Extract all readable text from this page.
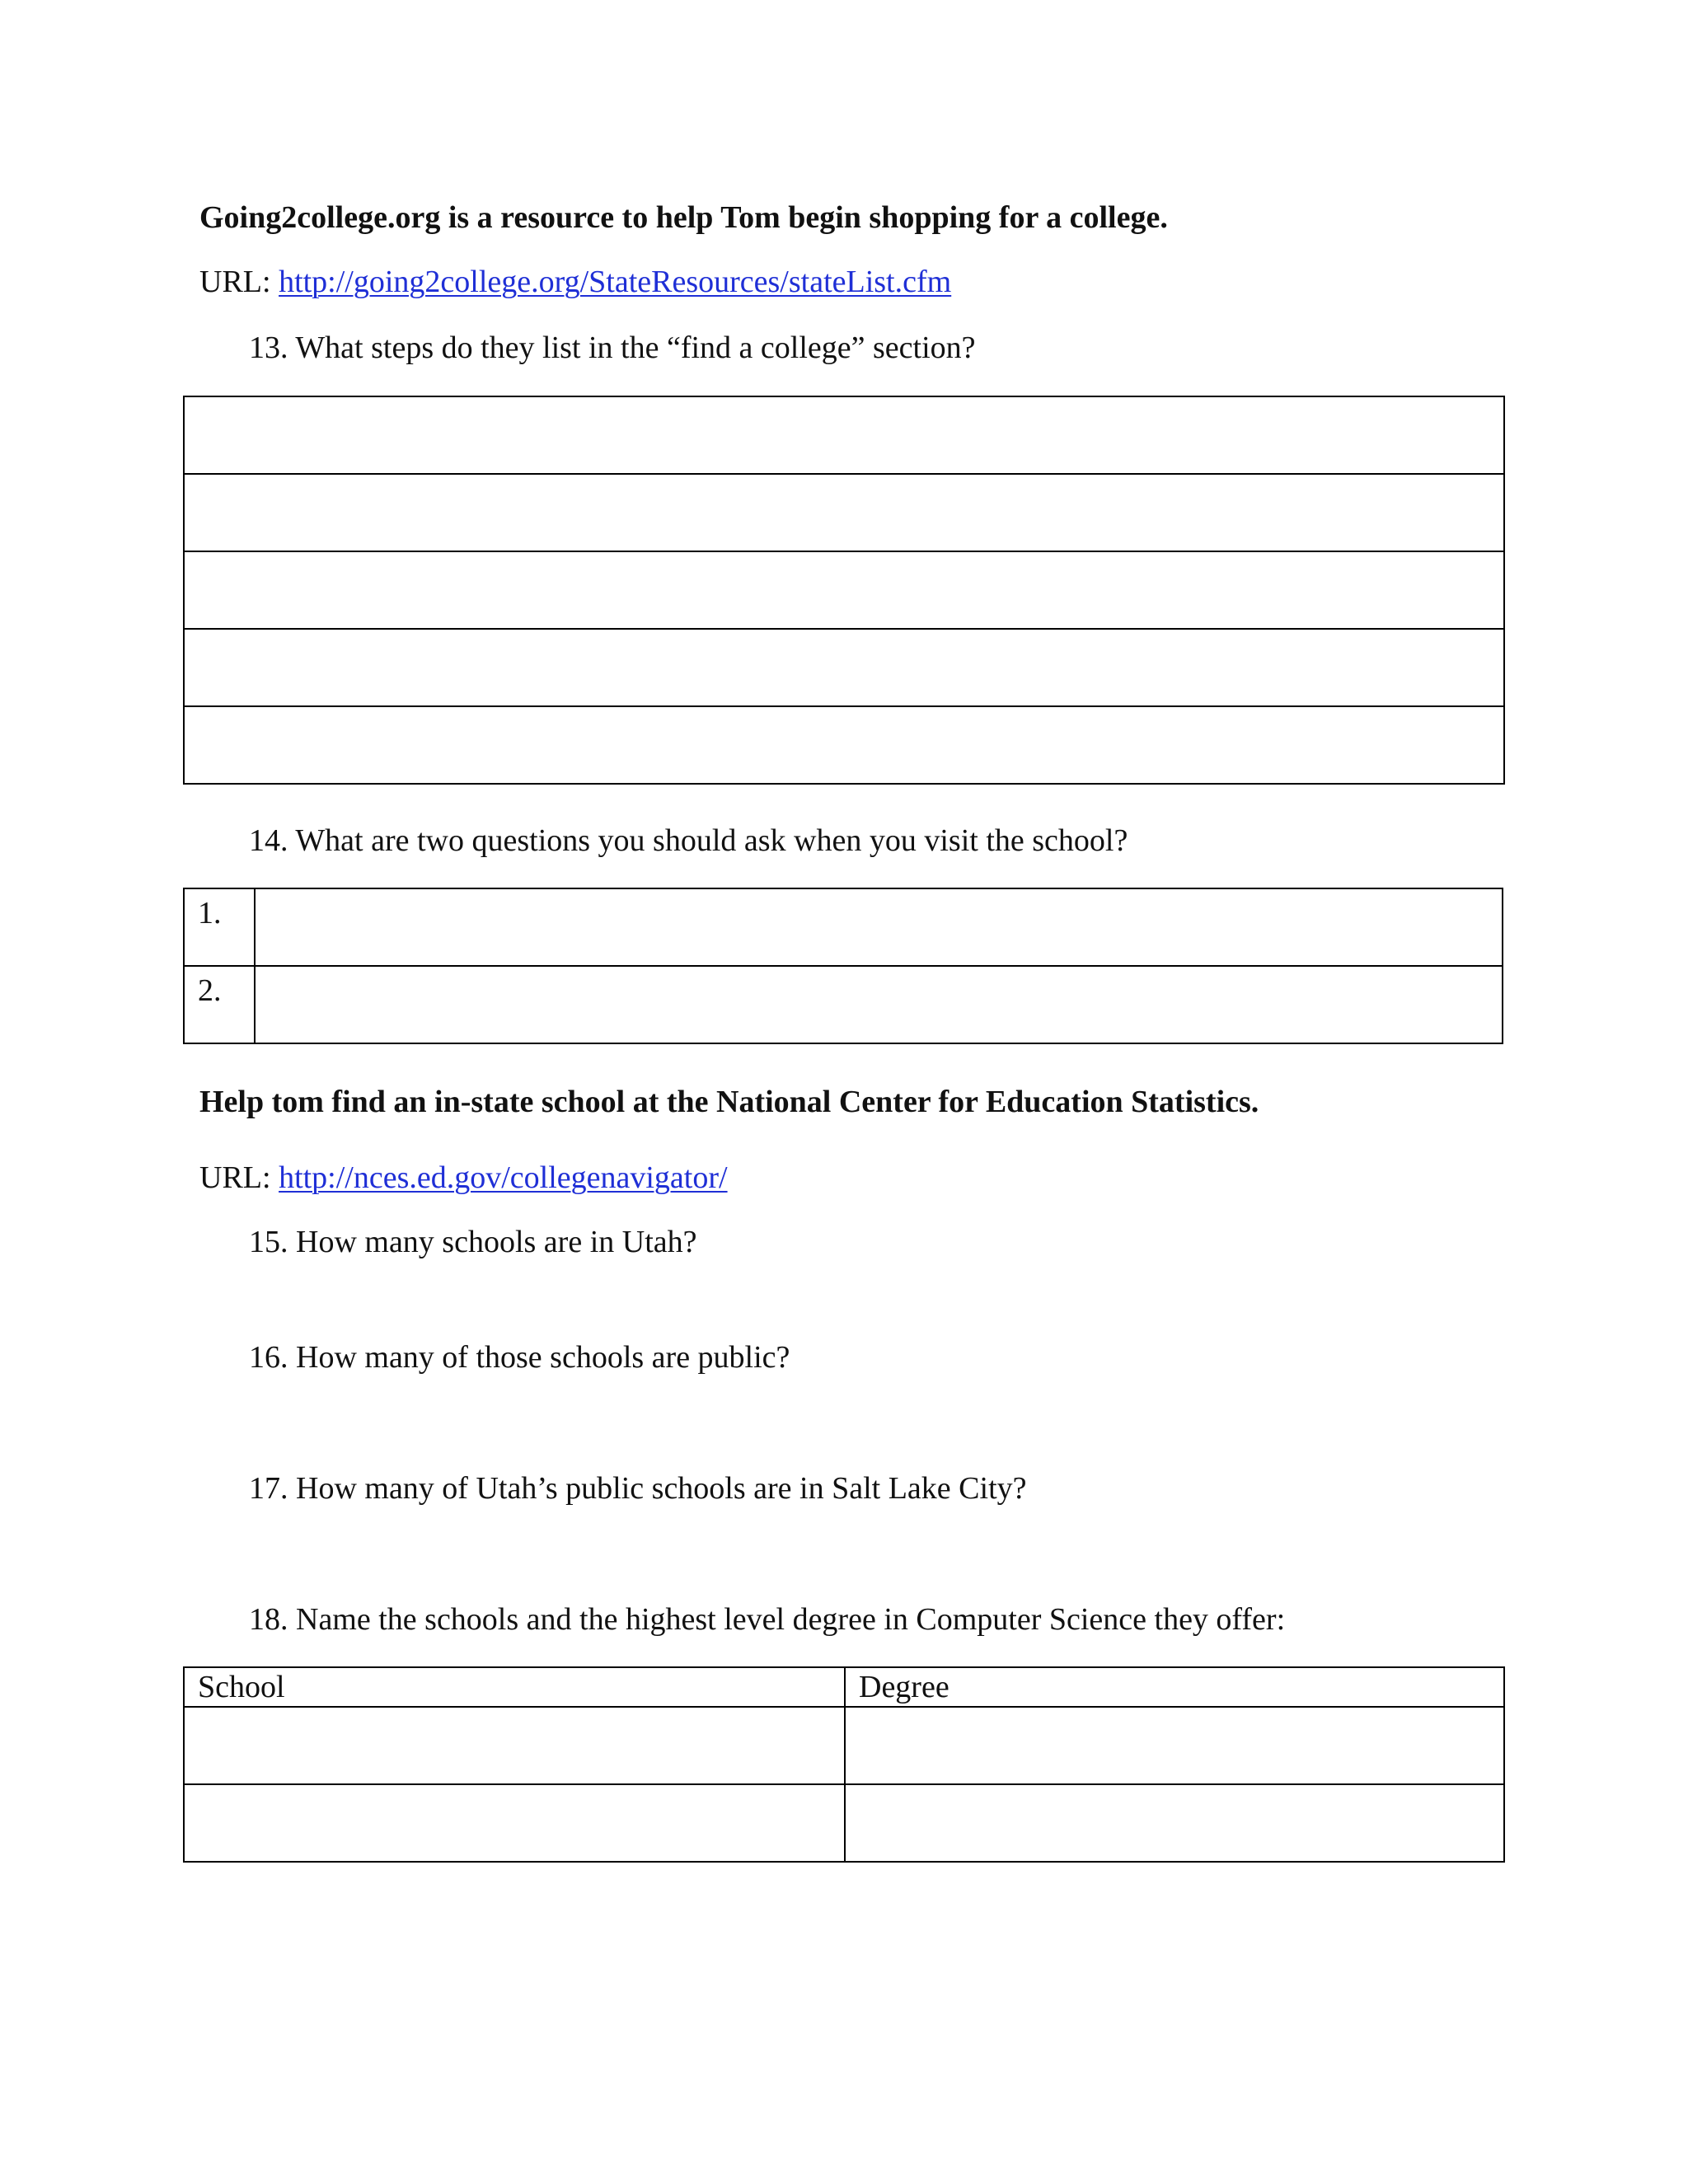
Going2college.org is a resource to help Tom begin shopping for a college.
URL: http://going2college.org/StateResources/stateList.cfm
13. What steps do they list in the “find a college” section?

14. What are two questions you should ask when you visit the school?
1.	

2.	

Help tom find an in-state school at the National Center for Education Statistics.
URL: http://nces.ed.gov/collegenavigator/
15. How many schools are in Utah?
16. How many of those schools are public?
17. How many of Utah’s public schools are in Salt Lake City?
18. Name the schools and the highest level degree in Computer Science they offer:
School	Degree
